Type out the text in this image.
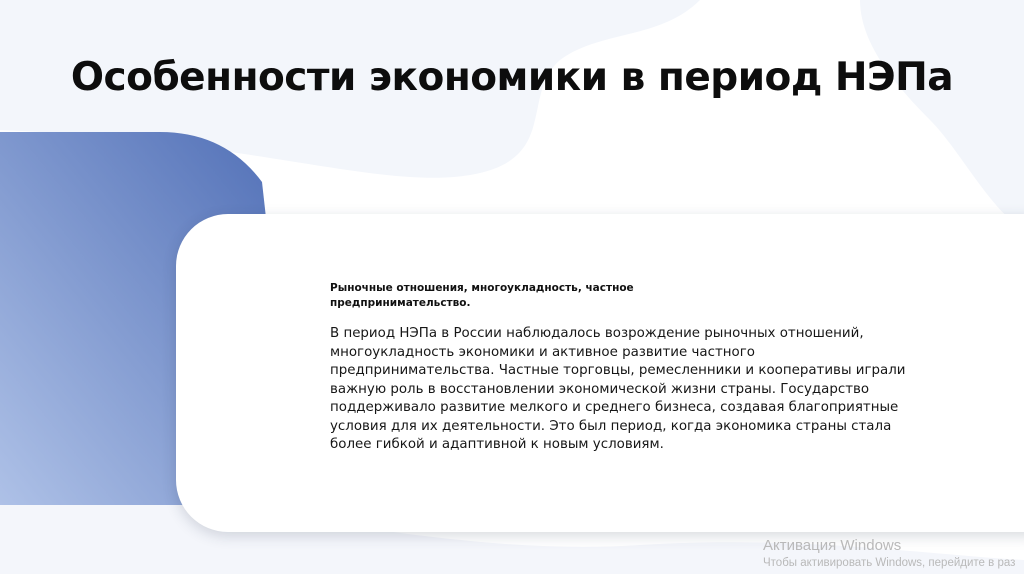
Особенности экономики в период НЭПа

Рыночные отношения, многоукладность, частное предпринимательство.

В период НЭПа в России наблюдалось возрождение рыночных отношений, многоукладность экономики и активное развитие частного предпринимательства. Частные торговцы, ремесленники и кооперативы играли важную роль в восстановлении экономической жизни страны. Государство поддерживало развитие мелкого и среднего бизнеса, создавая благоприятные условия для их деятельности. Это был период, когда экономика страны стала более гибкой и адаптивной к новым условиям.

Активация Windows
Чтобы активировать Windows, перейдите в раз
